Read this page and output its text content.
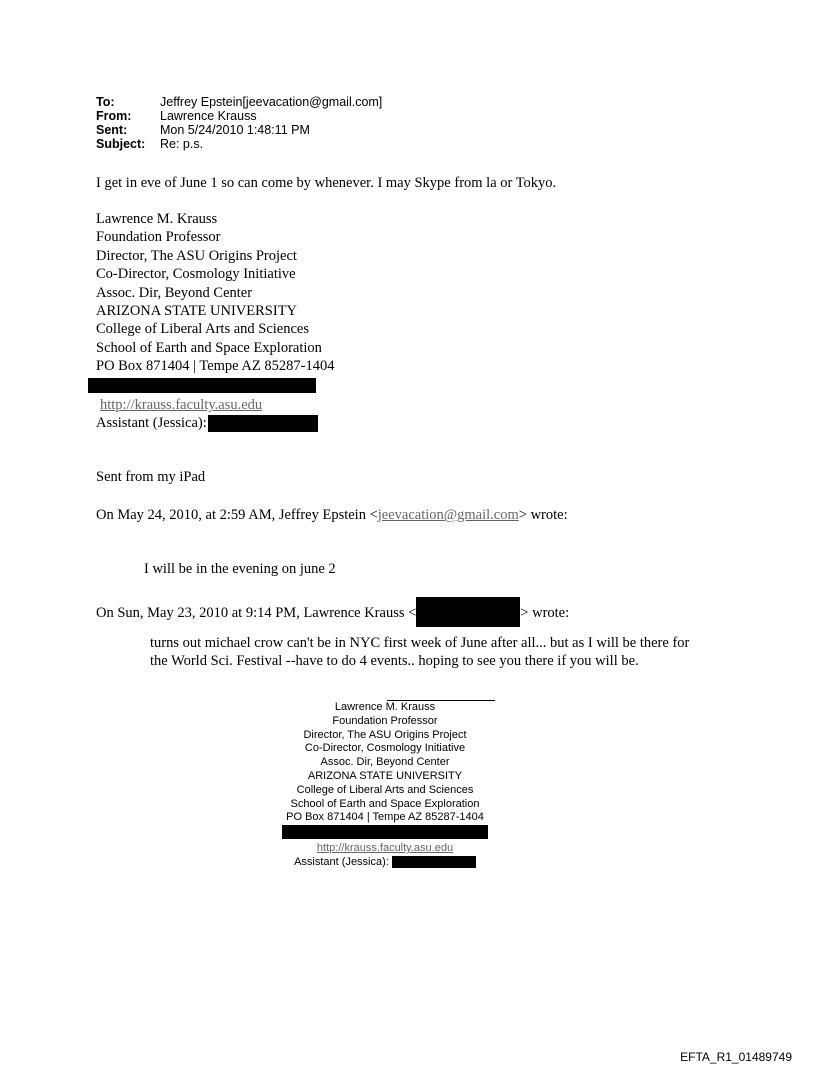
To:	Jeffrey Epstein[jeevacation@gmail.com]
From:	Lawrence Krauss
Sent:	Mon 5/24/2010 1:48:11 PM
Subject:	Re: p.s.
I get in eve of June 1 so can come by whenever. I may Skype from la or Tokyo.
Lawrence M. Krauss
Foundation Professor
Director, The ASU Origins Project
Co-Director, Cosmology Initiative
Assoc. Dir, Beyond Center
ARIZONA STATE UNIVERSITY
College of Liberal Arts and Sciences
School of Earth and Space Exploration
PO Box 871404 | Tempe AZ 85287-1404
http://krauss.faculty.asu.edu
Assistant (Jessica):
Sent from my iPad
On May 24, 2010, at 2:59 AM, Jeffrey Epstein <jeevacation@gmail.com> wrote:
I will be in the evening on june 2
On Sun, May 23, 2010 at 9:14 PM, Lawrence Krauss <	> wrote:
turns out michael crow can't be in NYC first week of June after all... but as I will be there for the World Sci. Festival --have to do 4 events.. hoping to see you there if you will be.
Lawrence M. Krauss
Foundation Professor
Director, The ASU Origins Project
Co-Director, Cosmology Initiative
Assoc. Dir, Beyond Center
ARIZONA STATE UNIVERSITY
College of Liberal Arts and Sciences
School of Earth and Space Exploration
PO Box 871404 | Tempe AZ 85287-1404
http://krauss.faculty.asu.edu
Assistant (Jessica):
EFTA_R1_01489749
